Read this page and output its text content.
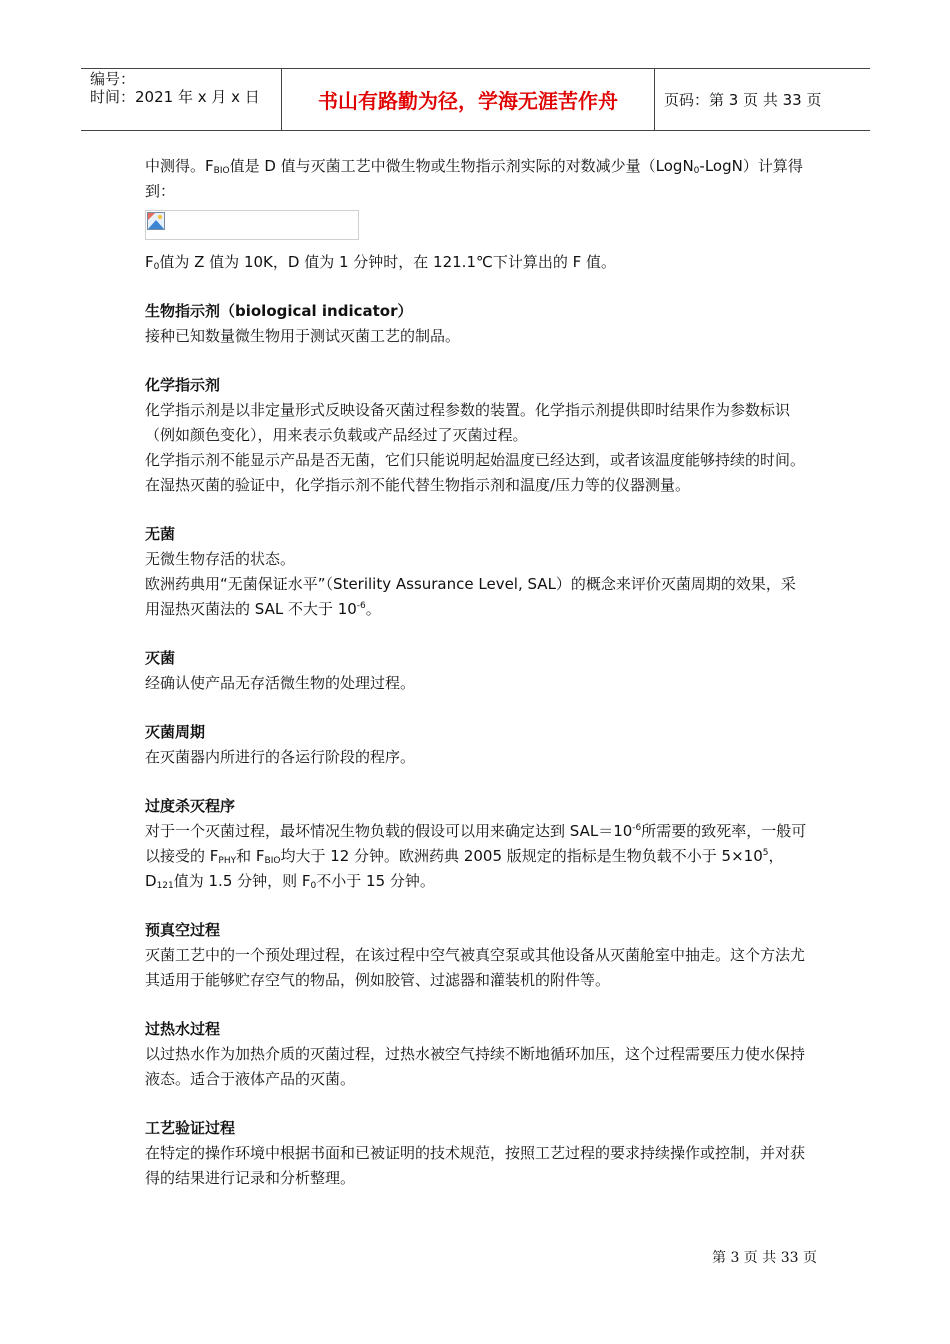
编号：
时间：2021 年 x 月 x 日	书山有路勤为径，学海无涯苦作舟	页码：第 3 页 共 33 页

中测得。$F_{BIO}$值是 D 值与灭菌工艺中微生物或生物指示剂实际的对数减少量（LogN$_0$-LogN）计算得到：

$F_0$值为 Z 值为 10K，D 值为 1 分钟时，在 121.1℃下计算出的 F 值。

生物指示剂（biological indicator）

接种已知数量微生物用于测试灭菌工艺的制品。

化学指示剂

化学指示剂是以非定量形式反映设备灭菌过程参数的装置。化学指示剂提供即时结果作为参数标识（例如颜色变化），用来表示负载或产品经过了灭菌过程。

化学指示剂不能显示产品是否无菌，它们只能说明起始温度已经达到，或者该温度能够持续的时间。

在湿热灭菌的验证中，化学指示剂不能代替生物指示剂和温度/压力等的仪器测量。

无菌

无微生物存活的状态。

欧洲药典用“无菌保证水平”（Sterility Assurance Level, SAL）的概念来评价灭菌周期的效果，采用湿热灭菌法的 SAL 不大于 $10^{-6}$。

灭菌

经确认使产品无存活微生物的处理过程。

灭菌周期

在灭菌器内所进行的各运行阶段的程序。

过度杀灭程序

对于一个灭菌过程，最坏情况生物负载的假设可以用来确定达到 $SAL=10^{-6}$所需要的致死率，一般可以接受的 $F_{PHY}$和 $F_{BIO}$均大于 12 分钟。欧洲药典 2005 版规定的指标是生物负载不小于 $5\times 10^5$，$D_{121}$值为 1.5 分钟，则 $F_0$不小于 15 分钟。

预真空过程

灭菌工艺中的一个预处理过程，在该过程中空气被真空泵或其他设备从灭菌舱室中抽走。这个方法尤其适用于能够贮存空气的物品，例如胶管、过滤器和灌装机的附件等。

过热水过程

以过热水作为加热介质的灭菌过程，过热水被空气持续不断地循环加压，这个过程需要压力使水保持液态。适合于液体产品的灭菌。

工艺验证过程

在特定的操作环境中根据书面和已被证明的技术规范，按照工艺过程的要求持续操作或控制，并对获得的结果进行记录和分析整理。

第 3 页 共 33 页
